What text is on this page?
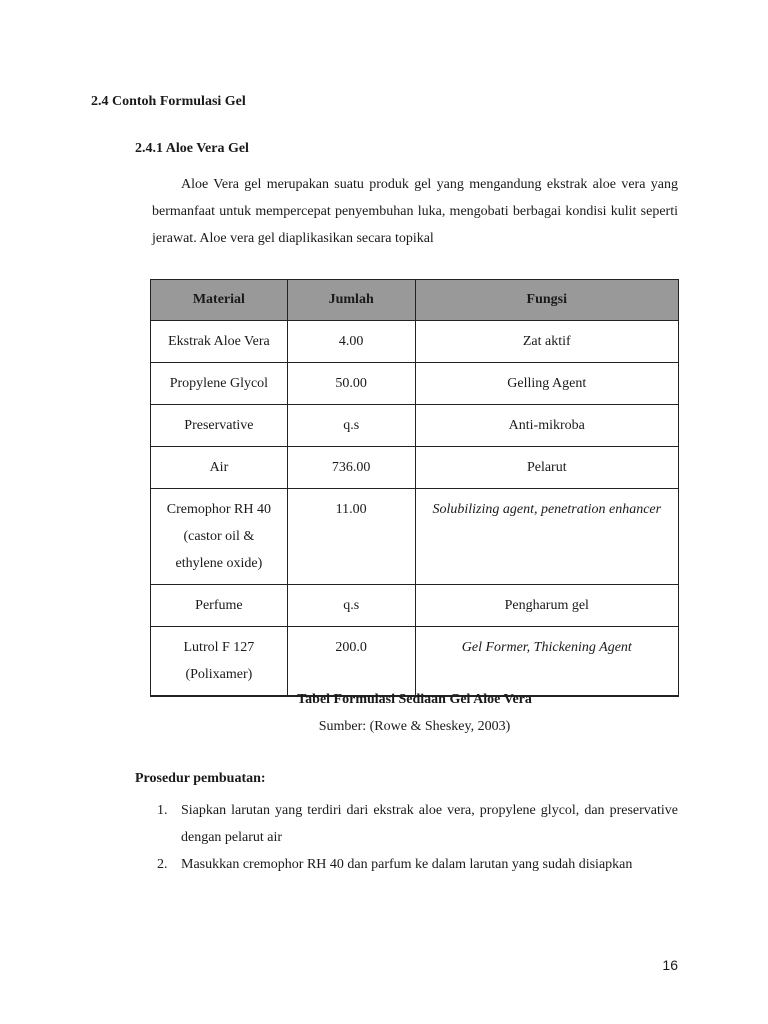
2.4 Contoh Formulasi Gel
2.4.1 Aloe Vera Gel
Aloe Vera gel merupakan suatu produk gel yang mengandung ekstrak aloe vera yang bermanfaat untuk mempercepat penyembuhan luka, mengobati berbagai kondisi kulit seperti jerawat. Aloe vera gel diaplikasikan secara topikal
Material	Jumlah	Fungsi
Ekstrak Aloe Vera	4.00	Zat aktif
Propylene Glycol	50.00	Gelling Agent
Preservative	q.s	Anti-mikroba
Air	736.00	Pelarut

Cremophor RH 40
(castor oil &
ethylene oxide)	11.00	Solubilizing agent, penetration enhancer
Perfume	q.s	Pengharum gel

Lutrol F 127
(Polixamer)	200.0	Gel Former, Thickening Agent
Tabel Formulasi Sediaan Gel Aloe Vera
Sumber: (Rowe & Sheskey, 2003)
Prosedur pembuatan:
1. Siapkan larutan yang terdiri dari ekstrak aloe vera, propylene glycol, dan preservative dengan pelarut air
2. Masukkan cremophor RH 40 dan parfum ke dalam larutan yang sudah disiapkan
16
